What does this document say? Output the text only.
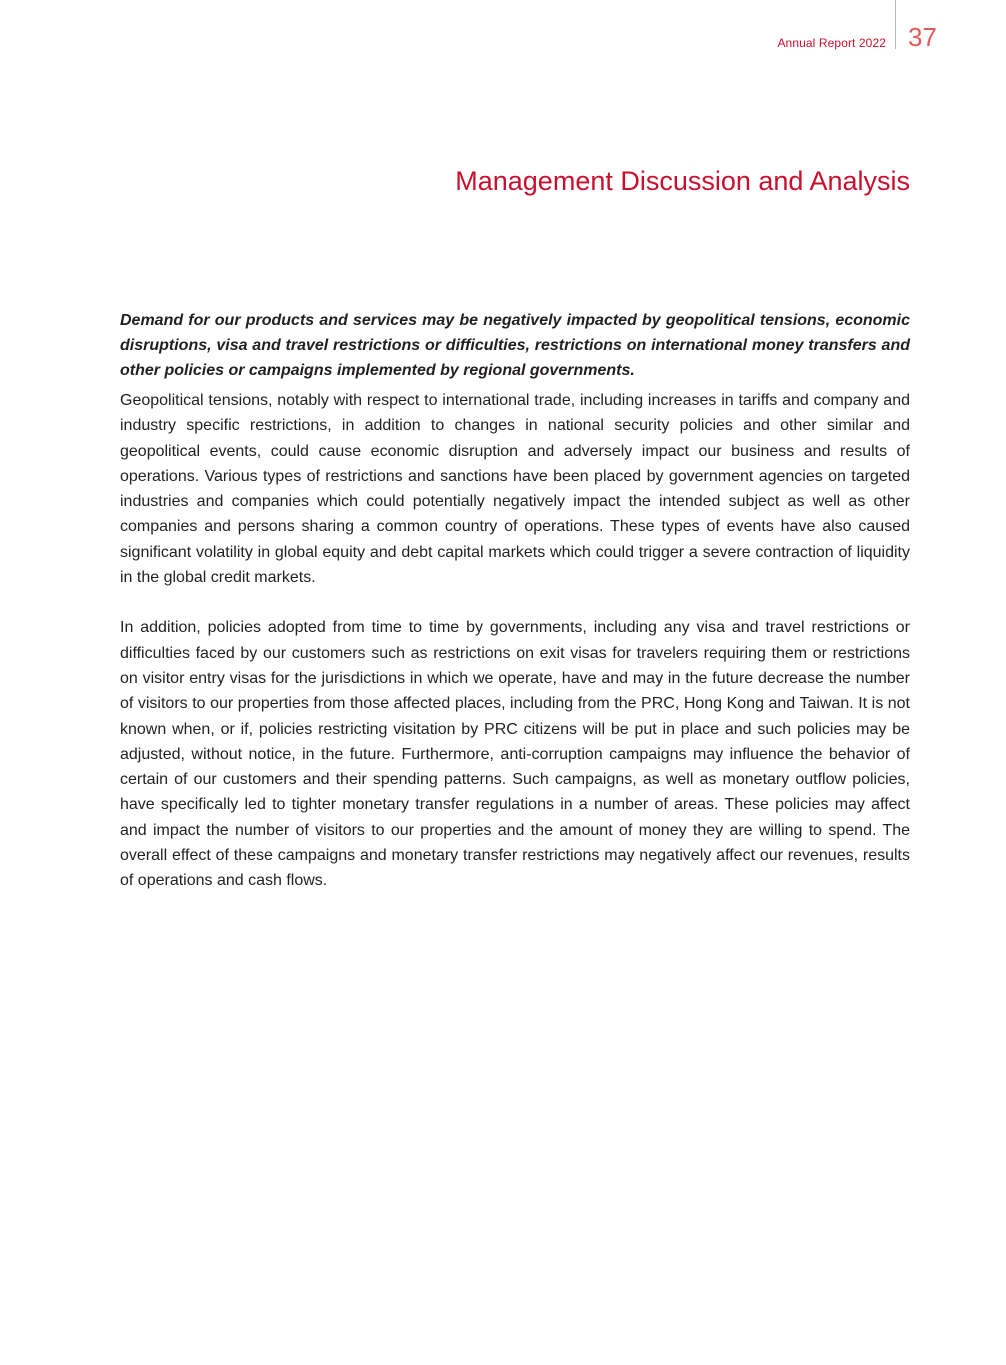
Annual Report 2022 37
Management Discussion and Analysis

Demand for our products and services may be negatively impacted by geopolitical tensions, economic disruptions, visa and travel restrictions or difficulties, restrictions on international money transfers and other policies or campaigns implemented by regional governments.

Geopolitical tensions, notably with respect to international trade, including increases in tariffs and company and industry specific restrictions, in addition to changes in national security policies and other similar and geopolitical events, could cause economic disruption and adversely impact our business and results of operations. Various types of restrictions and sanctions have been placed by government agencies on targeted industries and companies which could potentially negatively impact the intended subject as well as other companies and persons sharing a common country of operations. These types of events have also caused significant volatility in global equity and debt capital markets which could trigger a severe contraction of liquidity in the global credit markets.

In addition, policies adopted from time to time by governments, including any visa and travel restrictions or difficulties faced by our customers such as restrictions on exit visas for travelers requiring them or restrictions on visitor entry visas for the jurisdictions in which we operate, have and may in the future decrease the number of visitors to our properties from those affected places, including from the PRC, Hong Kong and Taiwan. It is not known when, or if, policies restricting visitation by PRC citizens will be put in place and such policies may be adjusted, without notice, in the future. Furthermore, anti-corruption campaigns may influence the behavior of certain of our customers and their spending patterns. Such campaigns, as well as monetary outflow policies, have specifically led to tighter monetary transfer regulations in a number of areas. These policies may affect and impact the number of visitors to our properties and the amount of money they are willing to spend. The overall effect of these campaigns and monetary transfer restrictions may negatively affect our revenues, results of operations and cash flows.
